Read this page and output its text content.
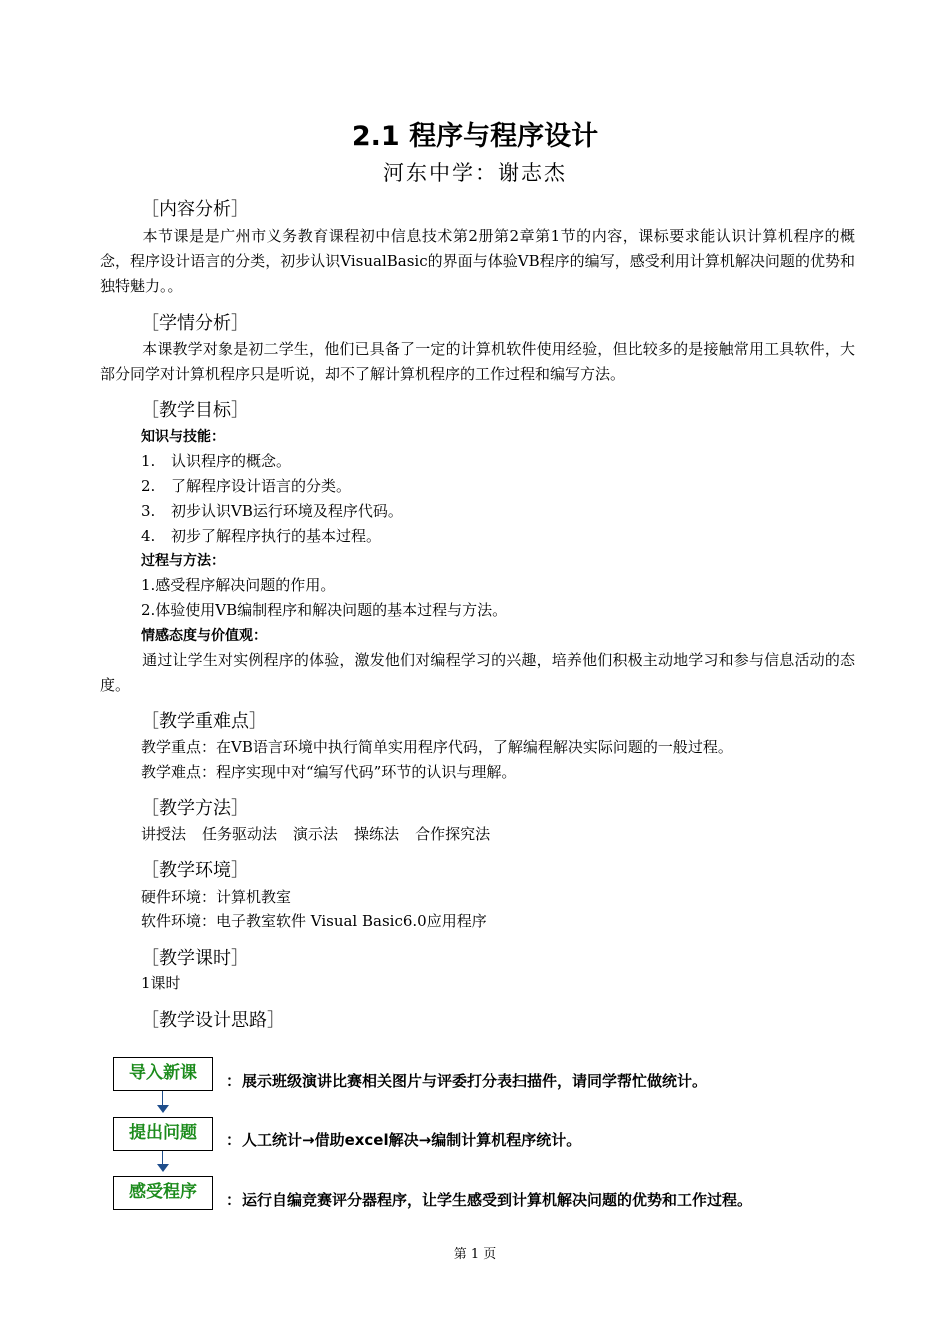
2.1 程序与程序设计
河东中学：谢志杰
［内容分析］
本节课是是广州市义务教育课程初中信息技术第2册第2章第1节的内容，课标要求能认识计算机程序的概念，程序设计语言的分类，初步认识VisualBasic的界面与体验VB程序的编写，感受利用计算机解决问题的优势和独特魅力。。
［学情分析］
本课教学对象是初二学生，他们已具备了一定的计算机软件使用经验，但比较多的是接触常用工具软件，大部分同学对计算机程序只是听说，却不了解计算机程序的工作过程和编写方法。
［教学目标］
知识与技能：
1. 认识程序的概念。
2. 了解程序设计语言的分类。
3. 初步认识VB运行环境及程序代码。
4. 初步了解程序执行的基本过程。
过程与方法：
1.感受程序解决问题的作用。
2.体验使用VB编制程序和解决问题的基本过程与方法。
情感态度与价值观：
通过让学生对实例程序的体验，激发他们对编程学习的兴趣，培养他们积极主动地学习和参与信息活动的态度。
［教学重难点］
教学重点：在VB语言环境中执行简单实用程序代码，了解编程解决实际问题的一般过程。
教学难点：程序实现中对“编写代码”环节的认识与理解。
［教学方法］
讲授法 任务驱动法 演示法 操练法 合作探究法
［教学环境］
硬件环境：计算机教室
软件环境：电子教室软件 Visual Basic6.0应用程序
［教学课时］
1课时
［教学设计思路］
导入新课	：展示班级演讲比赛相关图片与评委打分表扫描件，请同学帮忙做统计。
提出问题	：人工统计→借助excel解决→编制计算机程序统计。
感受程序	：运行自编竞赛评分器程序，让学生感受到计算机解决问题的优势和工作过程。
第 1 页
